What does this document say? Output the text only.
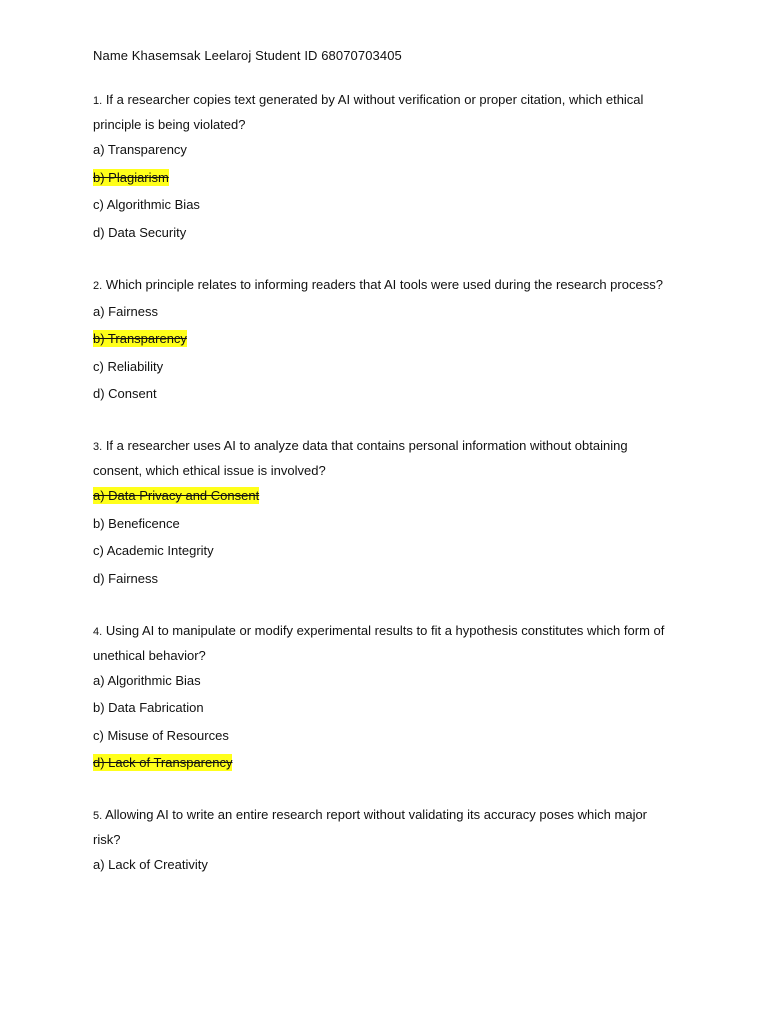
Name Khasemsak Leelaroj Student ID 68070703405
1. If a researcher copies text generated by AI without verification or proper citation, which ethical principle is being violated?
a) Transparency
b) Plagiarism
c) Algorithmic Bias
d) Data Security
2. Which principle relates to informing readers that AI tools were used during the research process?
a) Fairness
b) Transparency
c) Reliability
d) Consent
3. If a researcher uses AI to analyze data that contains personal information without obtaining consent, which ethical issue is involved?
a) Data Privacy and Consent
b) Beneficence
c) Academic Integrity
d) Fairness
4. Using AI to manipulate or modify experimental results to fit a hypothesis constitutes which form of unethical behavior?
a) Algorithmic Bias
b) Data Fabrication
c) Misuse of Resources
d) Lack of Transparency
5. Allowing AI to write an entire research report without validating its accuracy poses which major risk?
a) Lack of Creativity
